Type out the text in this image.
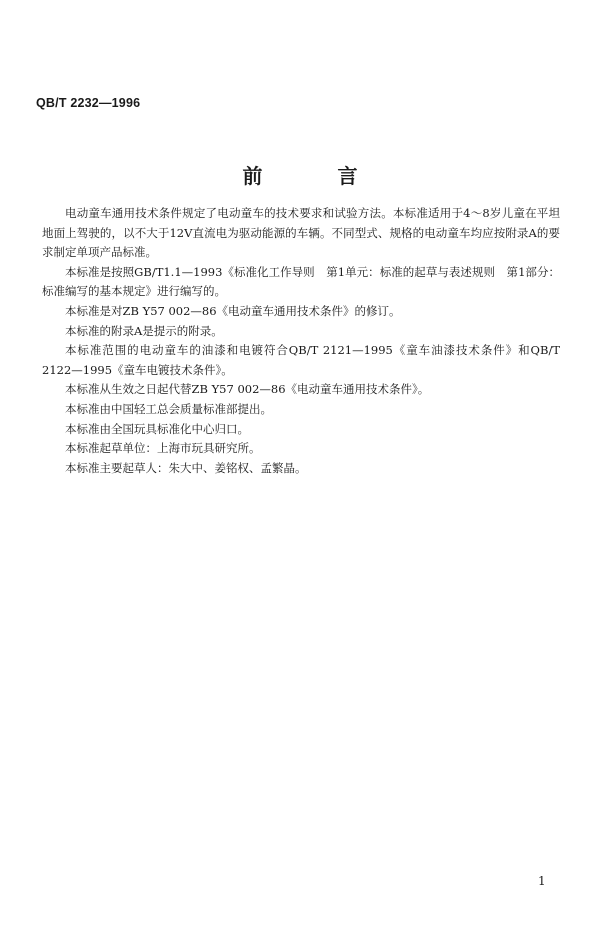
QB/T 2232—1996
前 言

电动童车通用技术条件规定了电动童车的技术要求和试验方法。本标准适用于4～8岁儿童在平坦地面上驾驶的，以不大于12V直流电为驱动能源的车辆。不同型式、规格的电动童车均应按附录A的要求制定单项产品标准。

本标准是按照GB/T1.1—1993《标准化工作导则　第1单元：标准的起草与表述规则　第1部分：标准编写的基本规定》进行编写的。

本标准是对ZB Y57 002—86《电动童车通用技术条件》的修订。

本标准的附录A是提示的附录。

本标准范围的电动童车的油漆和电镀符合QB/T 2121—1995《童车油漆技术条件》和QB/T 2122—1995《童车电镀技术条件》。

本标准从生效之日起代替ZB Y57 002—86《电动童车通用技术条件》。

本标准由中国轻工总会质量标准部提出。

本标准由全国玩具标准化中心归口。

本标准起草单位：上海市玩具研究所。

本标准主要起草人：朱大中、姜铭权、孟繁晶。

1
